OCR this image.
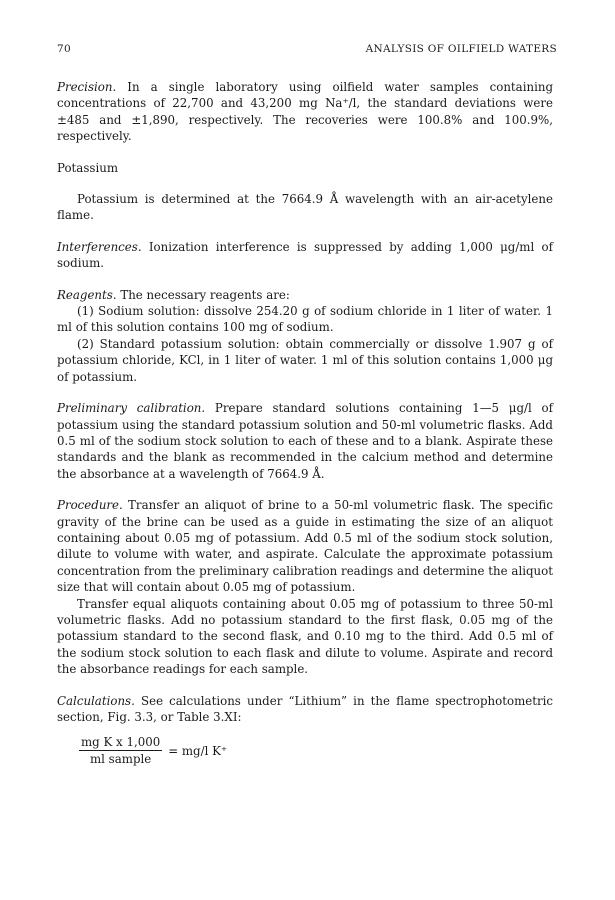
70	ANALYSIS OF OILFIELD WATERS

Precision. In a single laboratory using oilfield water samples containing concentrations of 22,700 and 43,200 mg Na⁺/l, the standard deviations were ±485 and ±1,890, respectively. The recoveries were 100.8% and 100.9%, respectively.

Potassium

Potassium is determined at the 7664.9 Å wavelength with an air-acetylene flame.

Interferences. Ionization interference is suppressed by adding 1,000 μg/ml of sodium.

Reagents. The necessary reagents are:

(1) Sodium solution: dissolve 254.20 g of sodium chloride in 1 liter of water. 1 ml of this solution contains 100 mg of sodium.

(2) Standard potassium solution: obtain commercially or dissolve 1.907 g of potassium chloride, KCl, in 1 liter of water. 1 ml of this solution contains 1,000 μg of potassium.

Preliminary calibration. Prepare standard solutions containing 1—5 μg/l of potassium using the standard potassium solution and 50-ml volumetric flasks. Add 0.5 ml of the sodium stock solution to each of these and to a blank. Aspirate these standards and the blank as recommended in the calcium method and determine the absorbance at a wavelength of 7664.9 Å.

Procedure. Transfer an aliquot of brine to a 50-ml volumetric flask. The specific gravity of the brine can be used as a guide in estimating the size of an aliquot containing about 0.05 mg of potassium. Add 0.5 ml of the sodium stock solution, dilute to volume with water, and aspirate. Calculate the approximate potassium concentration from the preliminary calibration readings and determine the aliquot size that will contain about 0.05 mg of potassium.

Transfer equal aliquots containing about 0.05 mg of potassium to three 50-ml volumetric flasks. Add no potassium standard to the first flask, 0.05 mg of the potassium standard to the second flask, and 0.10 mg to the third. Add 0.5 ml of the sodium stock solution to each flask and dilute to volume. Aspirate and record the absorbance readings for each sample.

Calculations. See calculations under “Lithium” in the flame spectrophotometric section, Fig. 3.3, or Table 3.XI:

$\frac{\text{mg K x 1,000}}{\text{ml sample}} = mg/l$ K⁺
